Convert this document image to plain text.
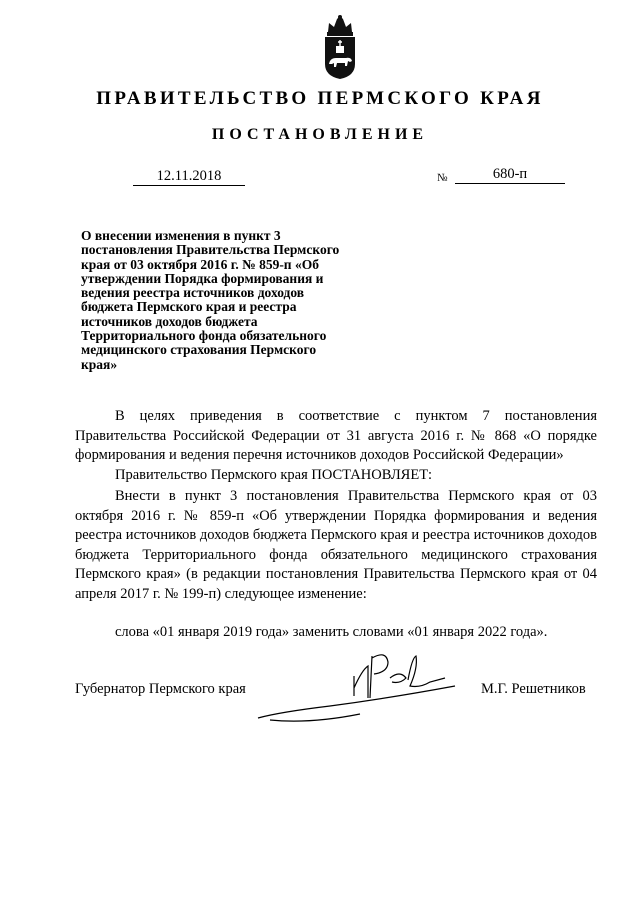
ПРАВИТЕЛЬСТВО ПЕРМСКОГО КРАЯ
ПОСТАНОВЛЕНИЕ
12.11.2018	№	680-п
О внесении изменения в пункт 3 постановления Правительства Пермского края от 03 октября 2016 г. № 859-п «Об утверждении Порядка формирования и ведения реестра источников доходов бюджета Пермского края и реестра источников доходов бюджета Территориального фонда обязательного медицинского страхования Пермского края»
В целях приведения в соответствие с пунктом 7 постановления Правительства Российской Федерации от 31 августа 2016 г. № 868 «О порядке формирования и ведения перечня источников доходов Российской Федерации»
Правительство Пермского края ПОСТАНОВЛЯЕТ:
Внести в пункт 3 постановления Правительства Пермского края от 03 октября 2016 г. № 859-п «Об утверждении Порядка формирования и ведения реестра источников доходов бюджета Пермского края и реестра источников доходов бюджета Территориального фонда обязательного медицинского страхования Пермского края» (в редакции постановления Правительства Пермского края от 04 апреля 2017 г. № 199-п) следующее изменение:
слова «01 января 2019 года» заменить словами «01 января 2022 года».
Губернатор Пермского края	М.Г. Решетников
